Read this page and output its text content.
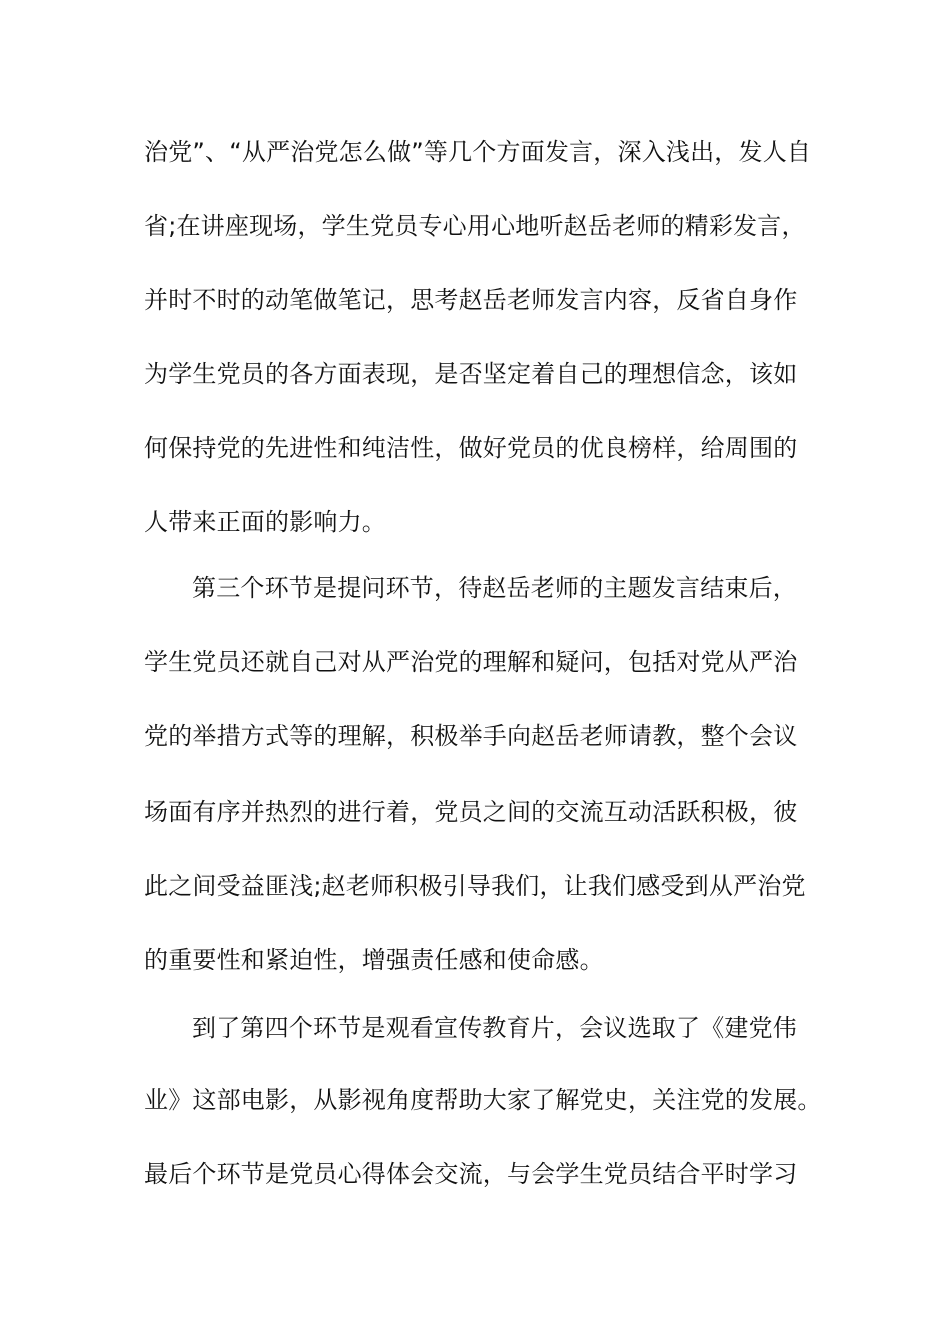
治党”、“从严治党怎么做”等几个方面发言，深入浅出，发人自
省;在讲座现场，学生党员专心用心地听赵岳老师的精彩发言，
并时不时的动笔做笔记，思考赵岳老师发言内容，反省自身作
为学生党员的各方面表现，是否坚定着自己的理想信念，该如
何保持党的先进性和纯洁性，做好党员的优良榜样，给周围的
人带来正面的影响力。
第三个环节是提问环节，待赵岳老师的主题发言结束后，
学生党员还就自己对从严治党的理解和疑问，包括对党从严治
党的举措方式等的理解，积极举手向赵岳老师请教，整个会议
场面有序并热烈的进行着，党员之间的交流互动活跃积极，彼
此之间受益匪浅;赵老师积极引导我们，让我们感受到从严治党
的重要性和紧迫性，增强责任感和使命感。
到了第四个环节是观看宣传教育片，会议选取了《建党伟
业》这部电影，从影视角度帮助大家了解党史，关注党的发展。
最后个环节是党员心得体会交流，与会学生党员结合平时学习
